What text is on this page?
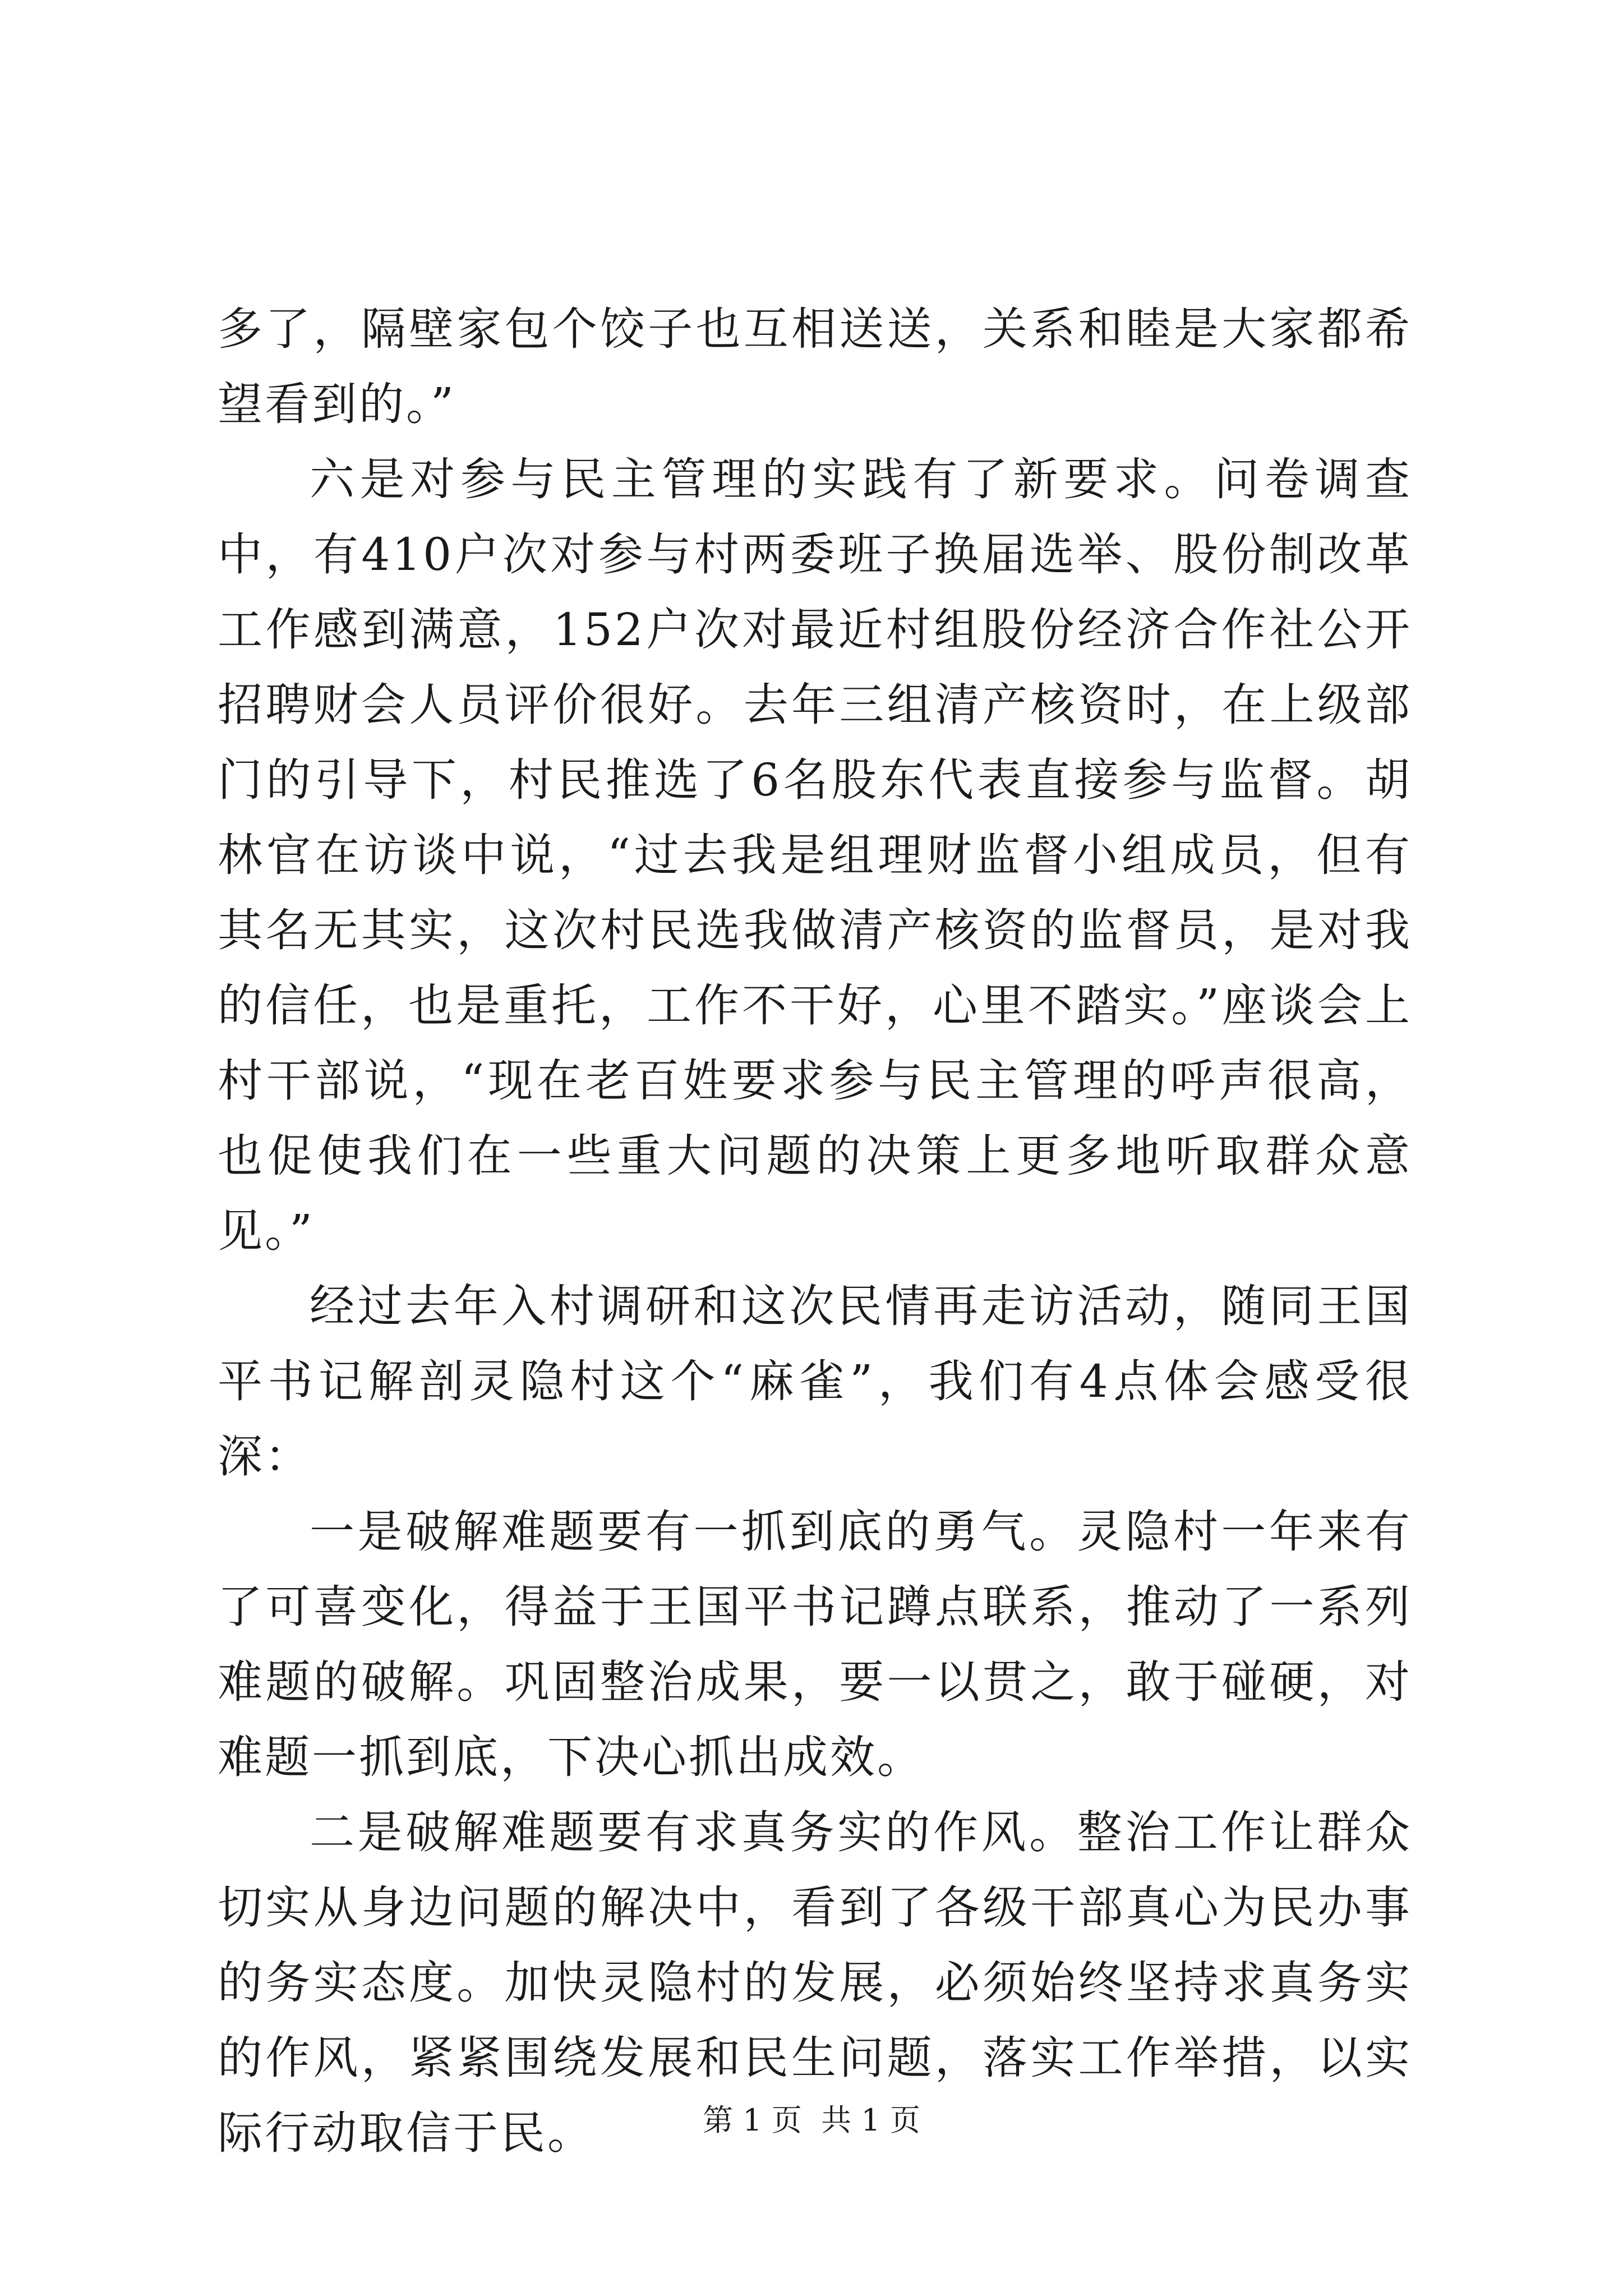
多了，隔壁家包个饺子也互相送送，关系和睦是大家都希望看到的。”

六是对参与民主管理的实践有了新要求。问卷调查中，有410户次对参与村两委班子换届选举、股份制改革工作感到满意，152户次对最近村组股份经济合作社公开招聘财会人员评价很好。去年三组清产核资时，在上级部门的引导下，村民推选了6名股东代表直接参与监督。胡林官在访谈中说，“过去我是组理财监督小组成员，但有其名无其实，这次村民选我做清产核资的监督员，是对我的信任，也是重托，工作不干好，心里不踏实。”座谈会上村干部说，“现在老百姓要求参与民主管理的呼声很高，也促使我们在一些重大问题的决策上更多地听取群众意见。”

经过去年入村调研和这次民情再走访活动，随同王国平书记解剖灵隐村这个“麻雀”，我们有4点体会感受很深：

一是破解难题要有一抓到底的勇气。灵隐村一年来有了可喜变化，得益于王国平书记蹲点联系，推动了一系列难题的破解。巩固整治成果，要一以贯之，敢于碰硬，对难题一抓到底，下决心抓出成效。

二是破解难题要有求真务实的作风。整治工作让群众切实从身边问题的解决中，看到了各级干部真心为民办事的务实态度。加快灵隐村的发展，必须始终坚持求真务实的作风，紧紧围绕发展和民生问题，落实工作举措，以实际行动取信于民。	第 1 页  共 1 页
